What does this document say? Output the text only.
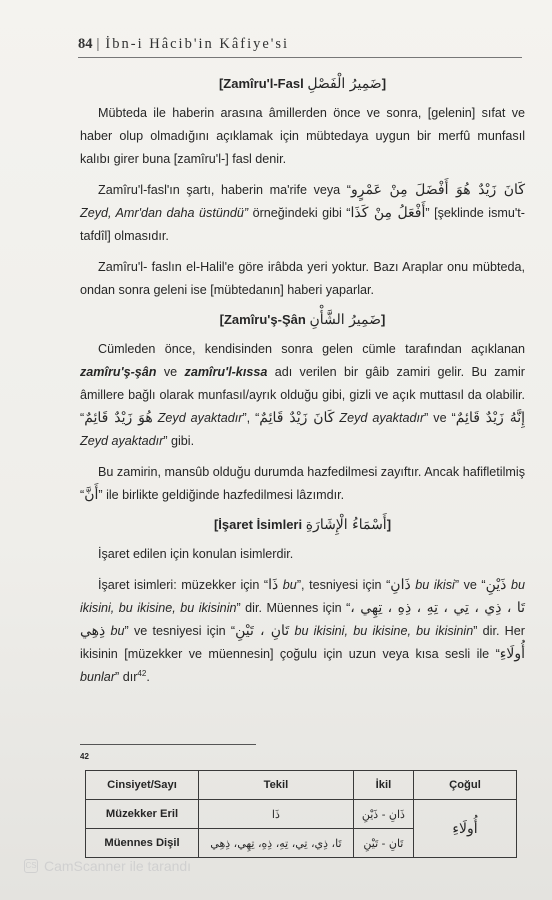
84 | İbn-i Hâcib'in Kâfiye'si
[Zamîru'l-Fasl ضَمِيرُ الْفَصْلِ]

Mübteda ile haberin arasına âmillerden önce ve sonra, [gelenin] sıfat ve haber olup olmadığını açıklamak için mübtedaya uygun bir merfû munfasıl kalıbı girer buna [zamîru'l-] fasl denir.

Zamîru'l-fasl'ın şartı, haberin ma'rife veya “كَانَ زَيْدٌ هُوَ أَفْضَلَ مِنْ عَمْرٍو Zeyd, Amr'dan daha üstündü” örneğindeki gibi “أَفْعَلُ مِنْ كَذَا” [şeklinde ismu't-tafdîl] olmasıdır.

Zamîru'l- faslın el-Halil'e göre irâbda yeri yoktur. Bazı Araplar onu mübteda, ondan sonra geleni ise [mübtedanın] haberi yaparlar.

[Zamîru'ş-Şân ضَمِيرُ الشَّأْنِ]

Cümleden önce, kendisinden sonra gelen cümle tarafından açıklanan zamîru'ş-şân ve zamîru'l-kıssa adı verilen bir gâib zamiri gelir. Bu zamir âmillere bağlı olarak munfasıl/ayrık olduğu gibi, gizli ve açık muttasıl da olabilir. “هُوَ زَيْدٌ قَائِمٌ Zeyd ayaktadır”, “كَانَ زَيْدٌ قَائِمٌ Zeyd ayaktadır” ve “إِنَّهُ زَيْدٌ قَائِمٌ Zeyd ayaktadır” gibi.

Bu zamirin, mansûb olduğu durumda hazfedilmesi zayıftır. Ancak hafifletilmiş “أَنَّ” ile birlikte geldiğinde hazfedilmesi lâzımdır.

[İşaret İsimleri أَسْمَاءُ الْإِشَارَةِ]

İşaret edilen için konulan isimlerdir.

İşaret isimleri: müzekker için “ذَا bu”, tesniyesi için “ذَانِ bu ikisi” ve “ذَيْنِ bu ikisini, bu ikisine, bu ikisinin” dir. Müennes için “تَا ، ذِي ، تِي ، تِهِ ، ذِهِ ، تِهِي ، ذِهِي bu” ve tesniyesi için “تَانِ ، تَيْنِ bu ikisini, bu ikisine, bu ikisinin” dir. Her ikisinin [müzekker ve müennesin] çoğulu için uzun veya kısa sesli ile “أُولَاءِ bunlar” dır$^{42}$.

42
Cinsiyet/Sayı	Tekil	İkil	Çoğul
Müzekker Eril	ذَا	ذَانِ - ذَيْنِ	أُولَاءِ
Müennes Dişil	تَا، ذِي، تِي، تِهِ، ذِهِ، تِهِي، ذِهِي	تَانِ - تَيْنِ	
CS CamScanner ile tarandı
